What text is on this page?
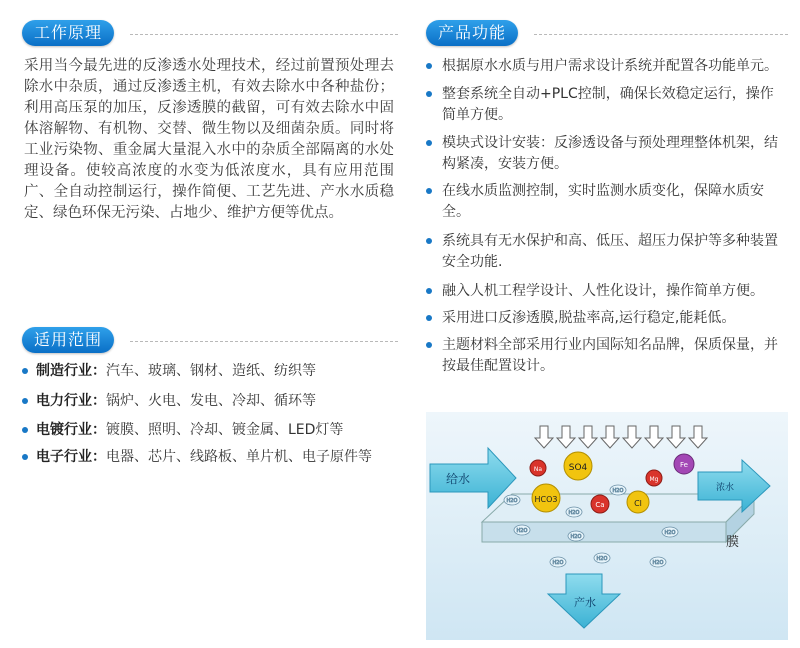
工作原理
采用当今最先进的反渗透水处理技术，经过前置预处理去除水中杂质，通过反渗透主机，有效去除水中各种盐份；利用高压泵的加压，反渗透膜的截留，可有效去除水中固体溶解物、有机物、交替、微生物以及细菌杂质。同时将工业污染物、重金属大量混入水中的杂质全部隔离的水处理设备。使较高浓度的水变为低浓度水，具有应用范围广、全自动控制运行，操作简便、工艺先进、产水水质稳定、绿色环保无污染、占地少、维护方便等优点。
适用范围
制造行业：汽车、玻璃、钢材、造纸、纺织等
电力行业：锅炉、火电、发电、冷却、循环等
电镀行业：镀膜、照明、冷却、镀金属、LED灯等
电子行业：电器、芯片、线路板、单片机、电子原件等
产品功能
根据原水水质与用户需求设计系统并配置各功能单元。
整套系统全自动+PLC控制，确保长效稳定运行，操作简单方便。
模块式设计安装：反渗透设备与预处理理整体机架，结构紧凑，安装方便。
在线水质监测控制，实时监测水质变化，保障水质安全。
系统具有无水保护和高、低压、超压力保护等多种装置安全功能.
融入人机工程学设计、人性化设计，操作简单方便。
采用进口反渗透膜,脱盐率高,运行稳定,能耗低。
主题材料全部采用行业内国际知名品牌，保质保量，并按最佳配置设计。
膜
给水
浓水
产水
SO4
HCO3
Na
Ca	Cl
Mg
Fe
H2O
H2O
H2O
H2O
H2O
H2O
H2O
H2O
H2O
